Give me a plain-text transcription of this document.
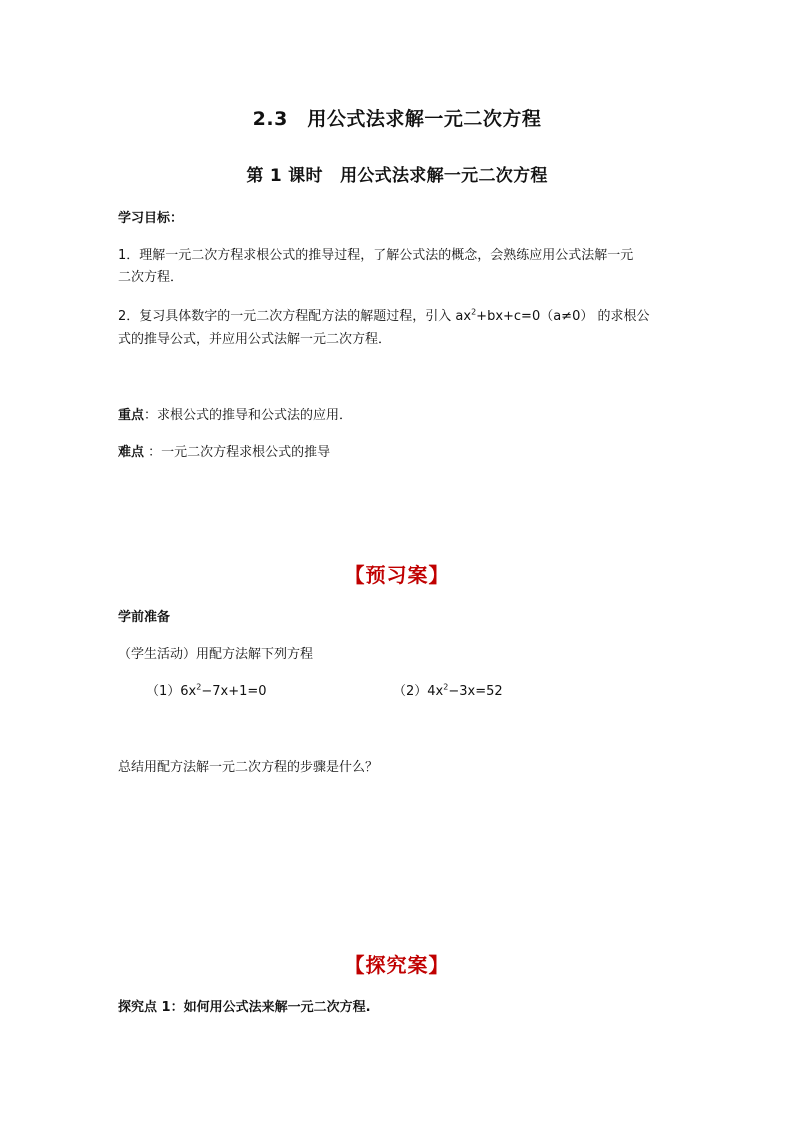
2.3　用公式法求解一元二次方程
第 1 课时　用公式法求解一元二次方程
学习目标：
1．理解一元二次方程求根公式的推导过程，了解公式法的概念，会熟练应用公式法解一元
二次方程．
2．复习具体数字的一元二次方程配方法的解题过程，引入 $ax^2+bx+c=0(a\ne 0)$ 的求根公
式的推导公式，并应用公式法解一元二次方程．
重点：求根公式的推导和公式法的应用．
难点 ：一元二次方程求根公式的推导
【预习案】
学前准备
（学生活动）用配方法解下列方程
$(1)6x^2-7x+1=0$	$(2)4x^2-3x=52$
总结用配方法解一元二次方程的步骤是什么？
【探究案】
探究点 1：如何用公式法来解一元二次方程.
